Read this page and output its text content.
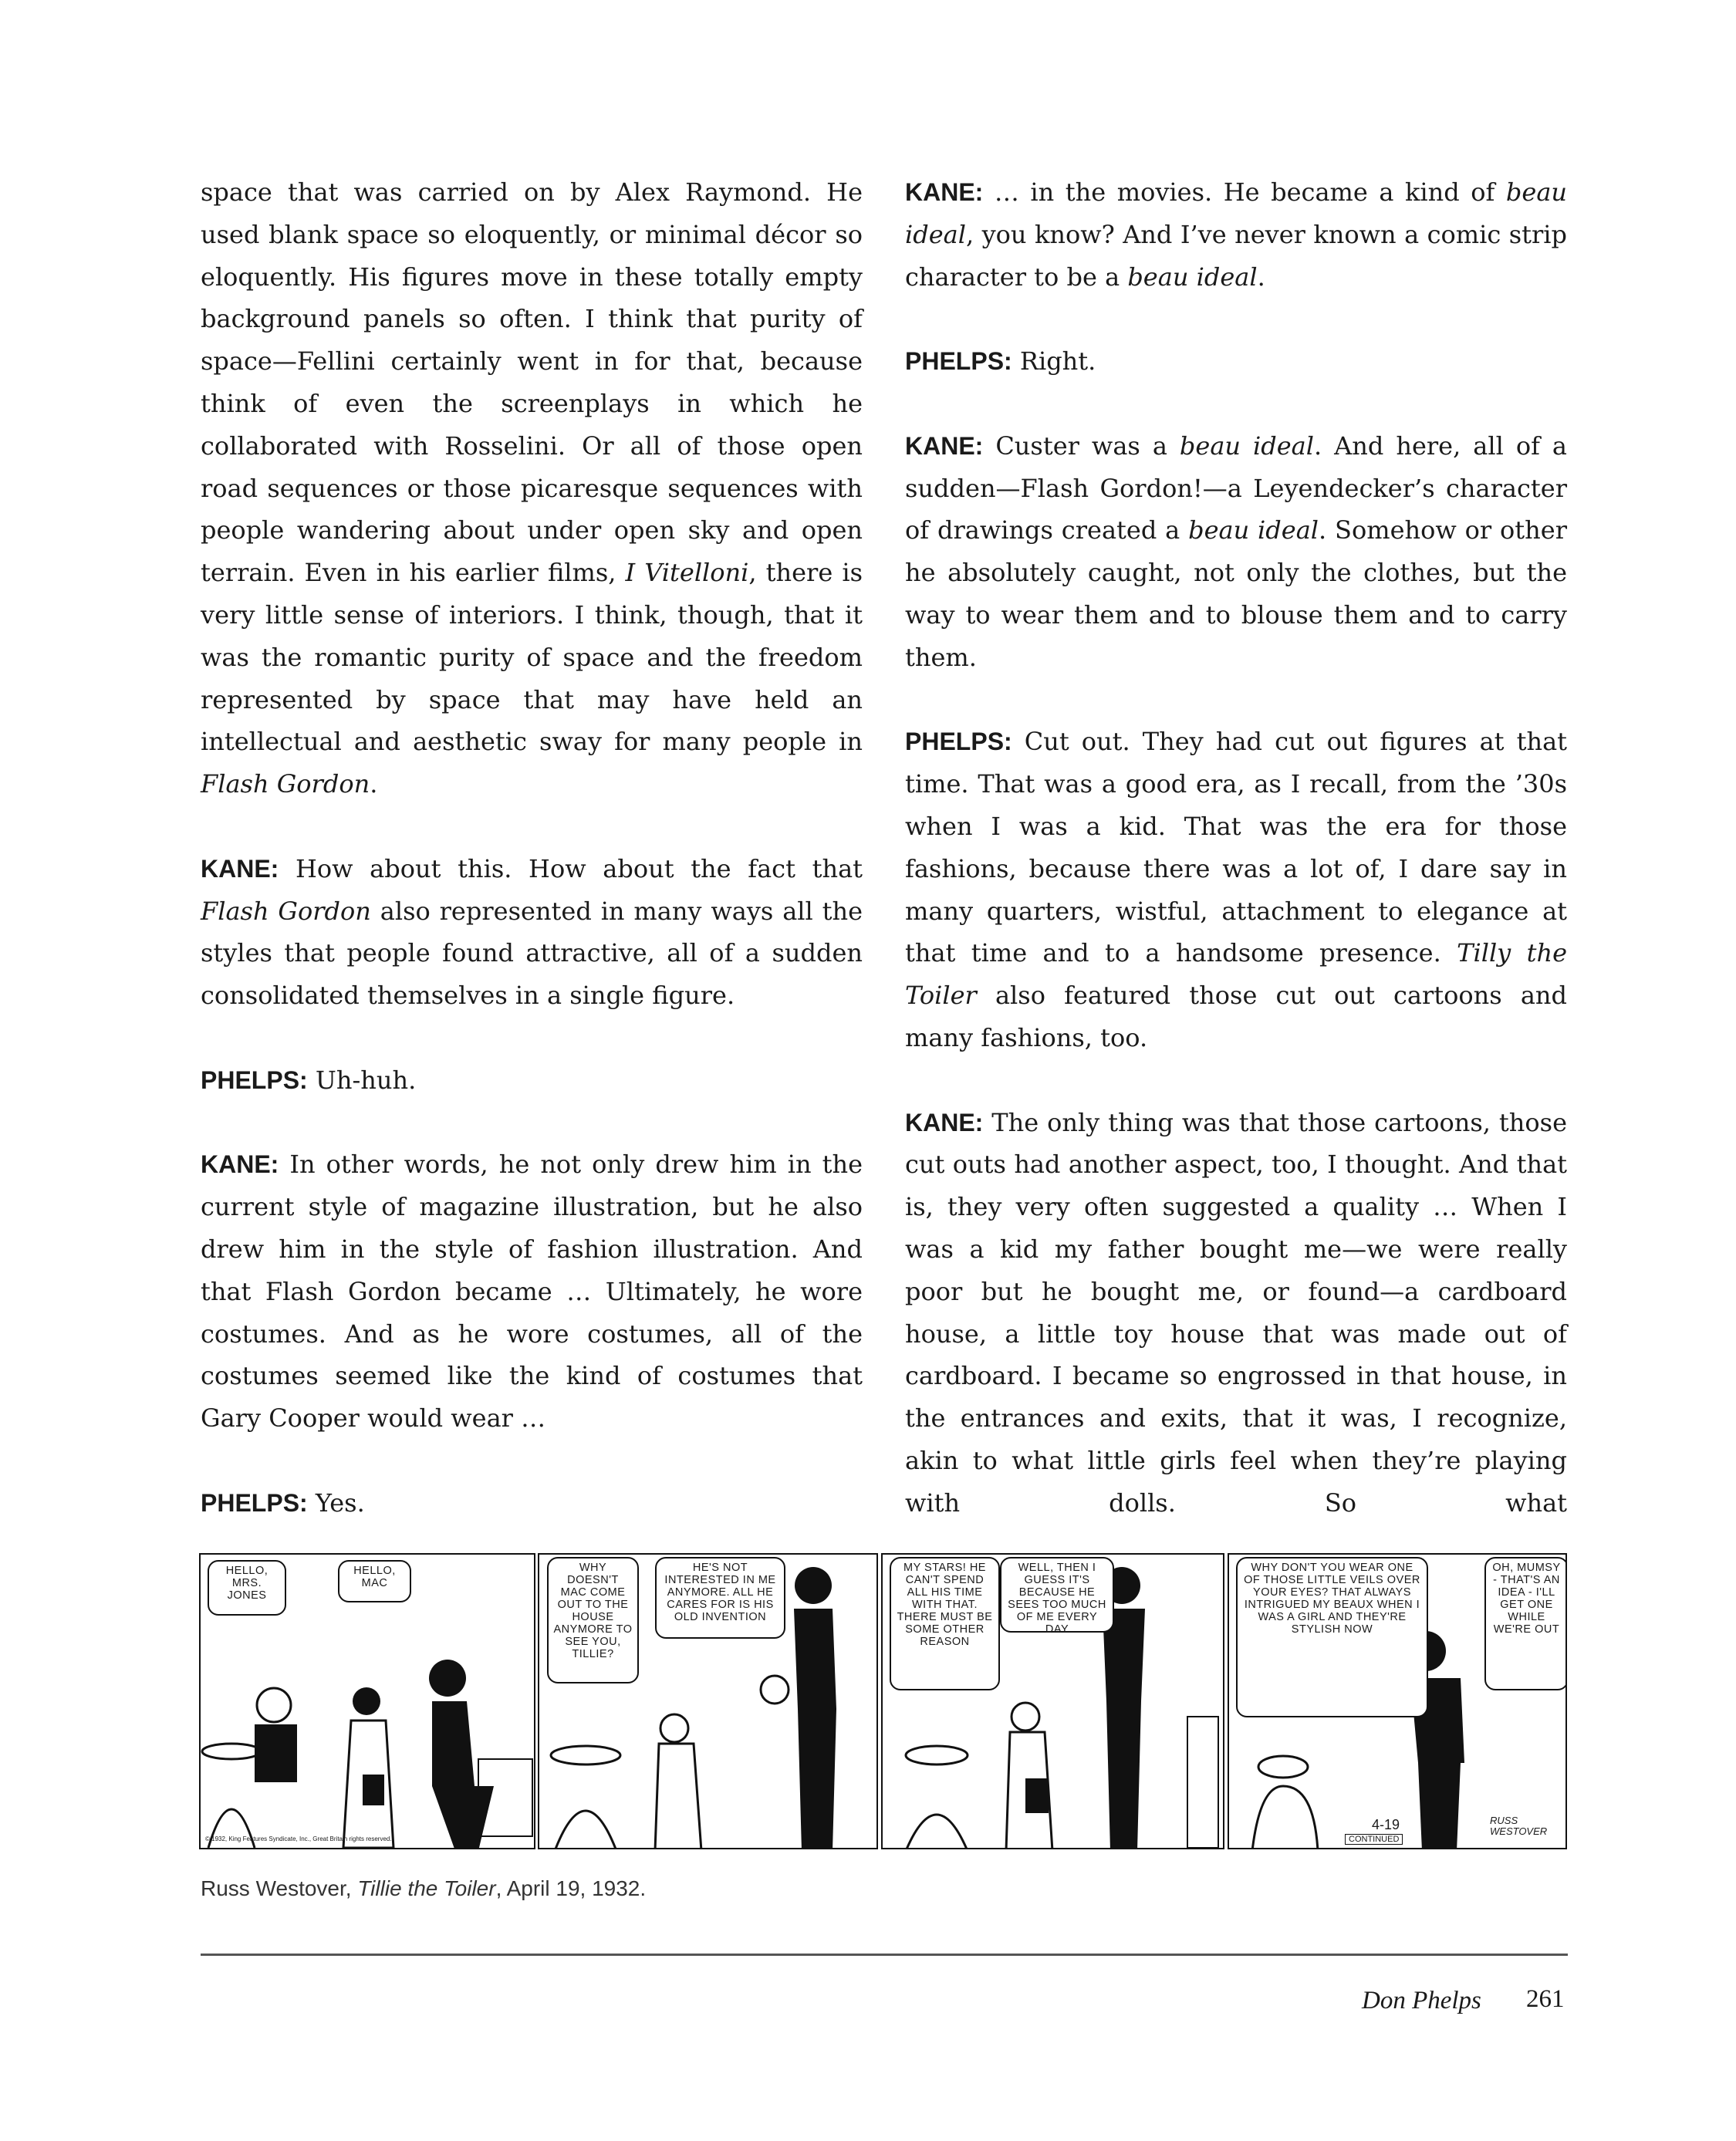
space that was carried on by Alex Raymond. He used blank space so eloquently, or minimal décor so eloquently. His figures move in these totally empty background panels so often. I think that purity of space—Fellini certainly went in for that, because think of even the screenplays in which he collaborated with Rosselini. Or all of those open road sequences or those picaresque sequences with people wandering about under open sky and open terrain. Even in his earlier films, I Vitelloni, there is very little sense of interiors. I think, though, that it was the romantic purity of space and the freedom represented by space that may have held an intellectual and aesthetic sway for many people in Flash Gordon.

KANE: How about this. How about the fact that Flash Gordon also represented in many ways all the styles that people found attractive, all of a sudden consolidated themselves in a single figure.

PHELPS: Uh-huh.

KANE: In other words, he not only drew him in the current style of magazine illustration, but he also drew him in the style of fashion illustration. And that Flash Gordon became … Ultimately, he wore costumes. And as he wore costumes, all of the costumes seemed like the kind of costumes that Gary Cooper would wear …

PHELPS: Yes.

KANE: … in the movies. He became a kind of beau ideal, you know? And I’ve never known a comic strip character to be a beau ideal.

PHELPS: Right.

KANE: Custer was a beau ideal. And here, all of a sudden—Flash Gordon!—a Leyendecker’s character of drawings created a beau ideal. Somehow or other he absolutely caught, not only the clothes, but the way to wear them and to blouse them and to carry them.

PHELPS: Cut out. They had cut out figures at that time. That was a good era, as I recall, from the ’30s when I was a kid. That was the era for those fashions, because there was a lot of, I dare say in many quarters, wistful, attachment to elegance at that time and to a handsome presence. Tilly the Toiler also featured those cut out cartoons and many fashions, too.

KANE: The only thing was that those cartoons, those cut outs had another aspect, too, I thought. And that is, they very often suggested a quality … When I was a kid my father bought me—we were really poor but he bought me, or found—a cardboard house, a little toy house that was made out of cardboard. I became so engrossed in that house, in the entrances and exits, that it was, I recognize, akin to what little girls feel when they’re playing with dolls. So what

HELLO, MRS. JONES
HELLO, MAC
© 1932, King Features Syndicate, Inc., Great Britain rights reserved.
WHY DOESN'T MAC COME OUT TO THE HOUSE ANYMORE TO SEE YOU, TILLIE?
HE'S NOT INTERESTED IN ME ANYMORE. ALL HE CARES FOR IS HIS OLD INVENTION
MY STARS! HE CAN'T SPEND ALL HIS TIME WITH THAT. THERE MUST BE SOME OTHER REASON
WELL, THEN I GUESS IT'S BECAUSE HE SEES TOO MUCH OF ME EVERY DAY
WHY DON'T YOU WEAR ONE OF THOSE LITTLE VEILS OVER YOUR EYES? THAT ALWAYS INTRIGUED MY BEAUX WHEN I WAS A GIRL AND THEY'RE STYLISH NOW
OH, MUMSY - THAT'S AN IDEA - I'LL GET ONE WHILE WE'RE OUT
4-19
CONTINUED
RUSS WESTOVER
Russ Westover, Tillie the Toiler, April 19, 1932.
Don Phelps 261
